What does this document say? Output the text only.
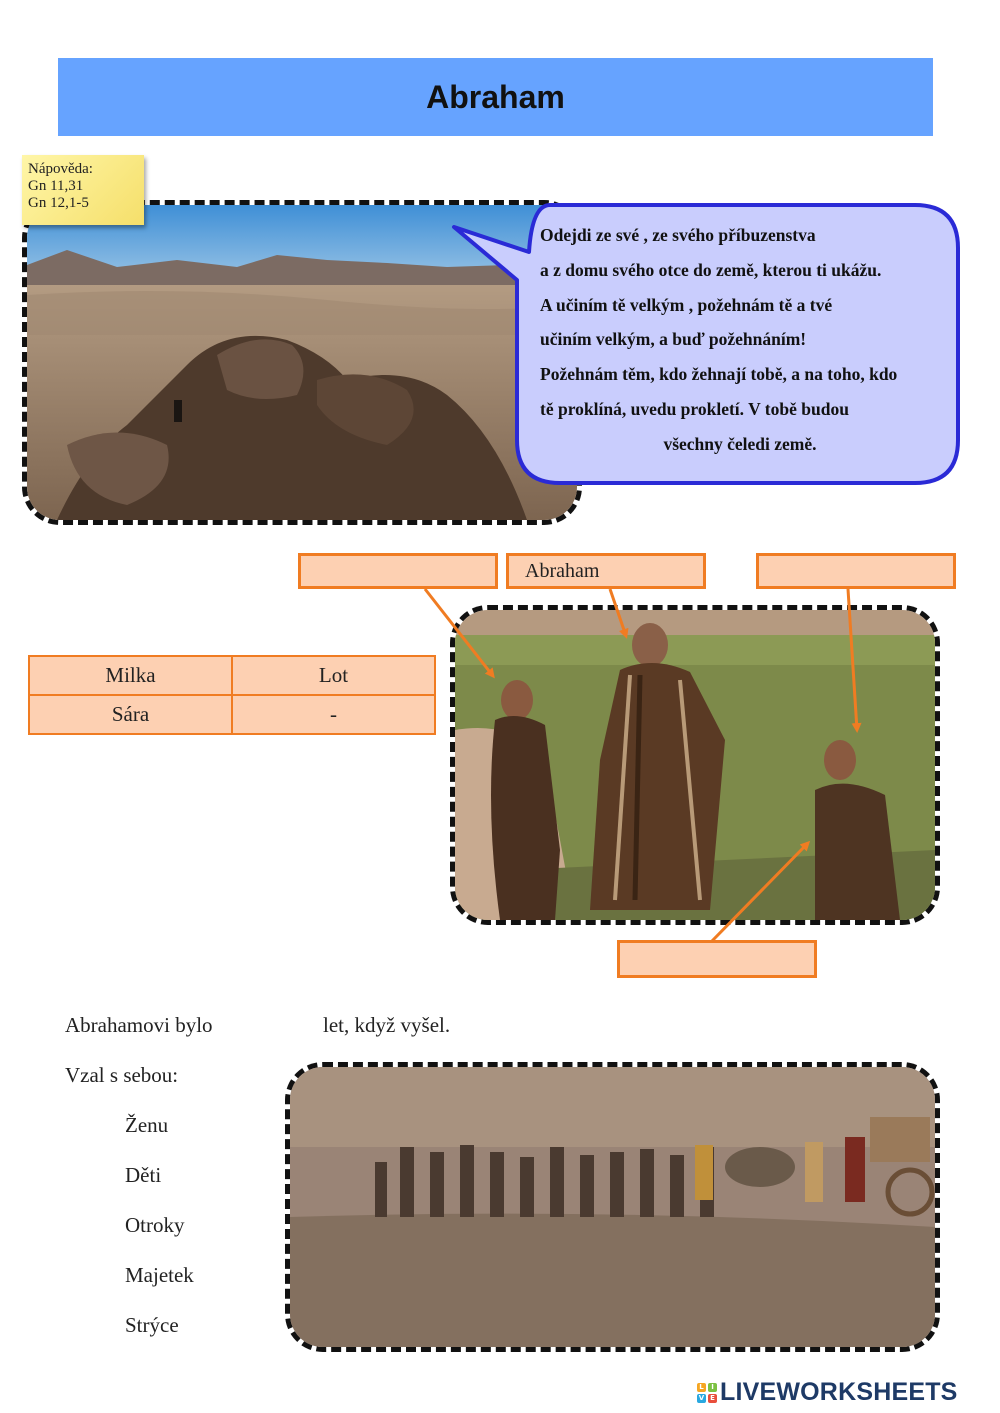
Abraham
Nápověda:
Gn 11,31
Gn 12,1-5
Odejdi ze své , ze svého příbuzenstva
a z domu svého otce do země, kterou ti ukážu.
A učiním tě velkým , požehnám tě a tvé
učiním velkým, a buď požehnáním!
Požehnám těm, kdo žehnají tobě, a na toho, kdo
tě proklíná, uvedu prokletí. V tobě budou
všechny čeledi země.
Abraham
Milka	Lot
Sára	-
Abrahamovi bylo	let, když vyšel.
Vzal s sebou:
Ženu
Děti
Otroky
Majetek
Strýce
L	I
V E LIVEWORKSHEETS
